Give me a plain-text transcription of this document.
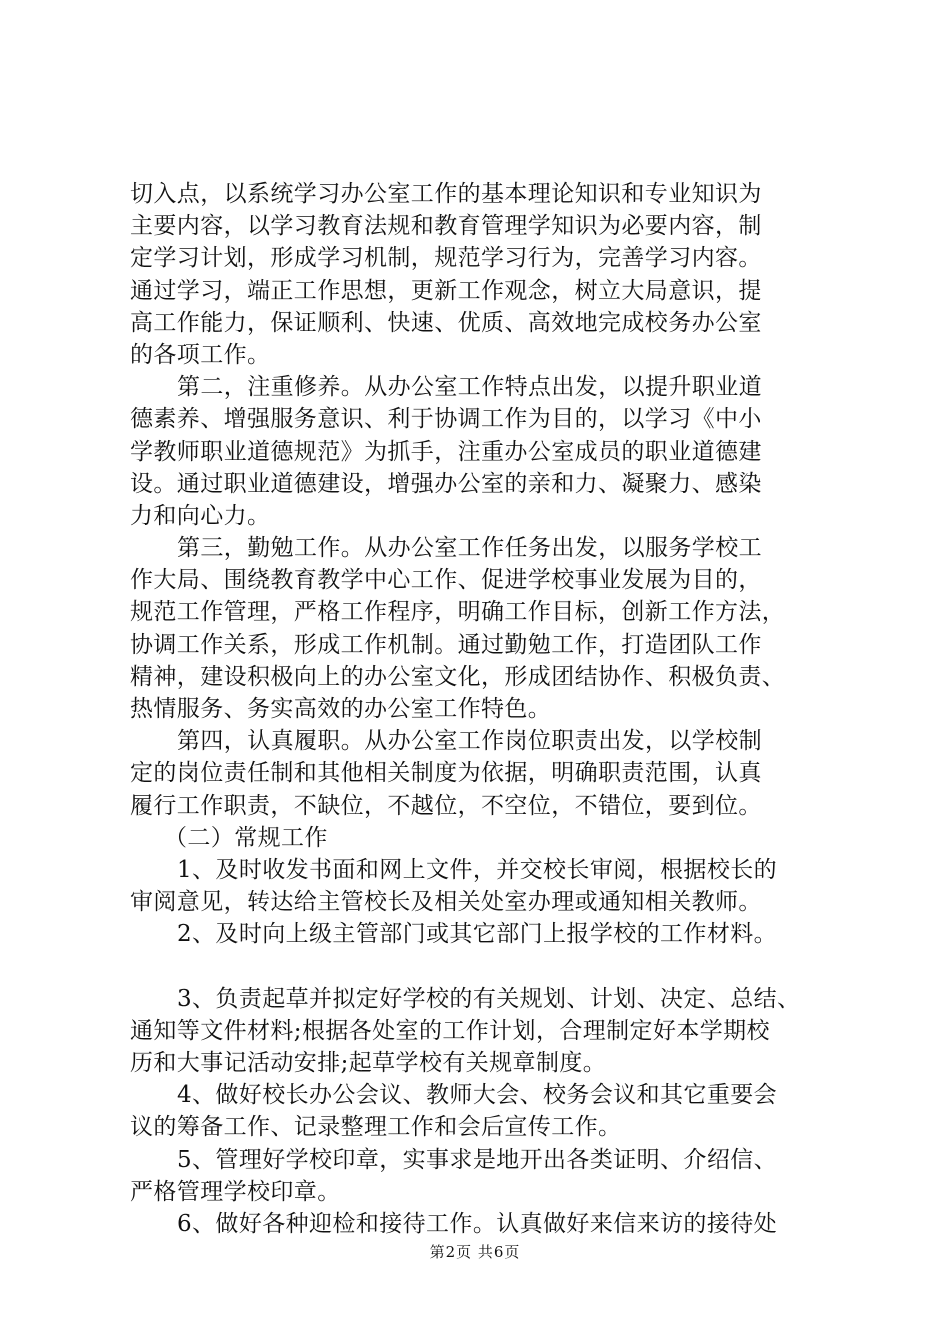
切入点，以系统学习办公室工作的基本理论知识和专业知识为
主要内容，以学习教育法规和教育管理学知识为必要内容，制
定学习计划，形成学习机制，规范学习行为，完善学习内容。
通过学习，端正工作思想，更新工作观念，树立大局意识，提
高工作能力，保证顺利、快速、优质、高效地完成校务办公室
的各项工作。
第二，注重修养。从办公室工作特点出发，以提升职业道
德素养、增强服务意识、利于协调工作为目的，以学习《中小
学教师职业道德规范》为抓手，注重办公室成员的职业道德建
设。通过职业道德建设，增强办公室的亲和力、凝聚力、感染
力和向心力。
第三，勤勉工作。从办公室工作任务出发，以服务学校工
作大局、围绕教育教学中心工作、促进学校事业发展为目的，
规范工作管理，严格工作程序，明确工作目标，创新工作方法，
协调工作关系，形成工作机制。通过勤勉工作，打造团队工作
精神，建设积极向上的办公室文化，形成团结协作、积极负责、
热情服务、务实高效的办公室工作特色。
第四，认真履职。从办公室工作岗位职责出发，以学校制
定的岗位责任制和其他相关制度为依据，明确职责范围，认真
履行工作职责，不缺位，不越位，不空位，不错位，要到位。
（二）常规工作
1、及时收发书面和网上文件，并交校长审阅，根据校长的
审阅意见，转达给主管校长及相关处室办理或通知相关教师。
2、及时向上级主管部门或其它部门上报学校的工作材料。
3、负责起草并拟定好学校的有关规划、计划、决定、总结、
通知等文件材料;根据各处室的工作计划，合理制定好本学期校
历和大事记活动安排;起草学校有关规章制度。
4、做好校长办公会议、教师大会、校务会议和其它重要会
议的筹备工作、记录整理工作和会后宣传工作。
5、管理好学校印章，实事求是地开出各类证明、介绍信、
严格管理学校印章。
6、做好各种迎检和接待工作。认真做好来信来访的接待处
第2页 共6页
